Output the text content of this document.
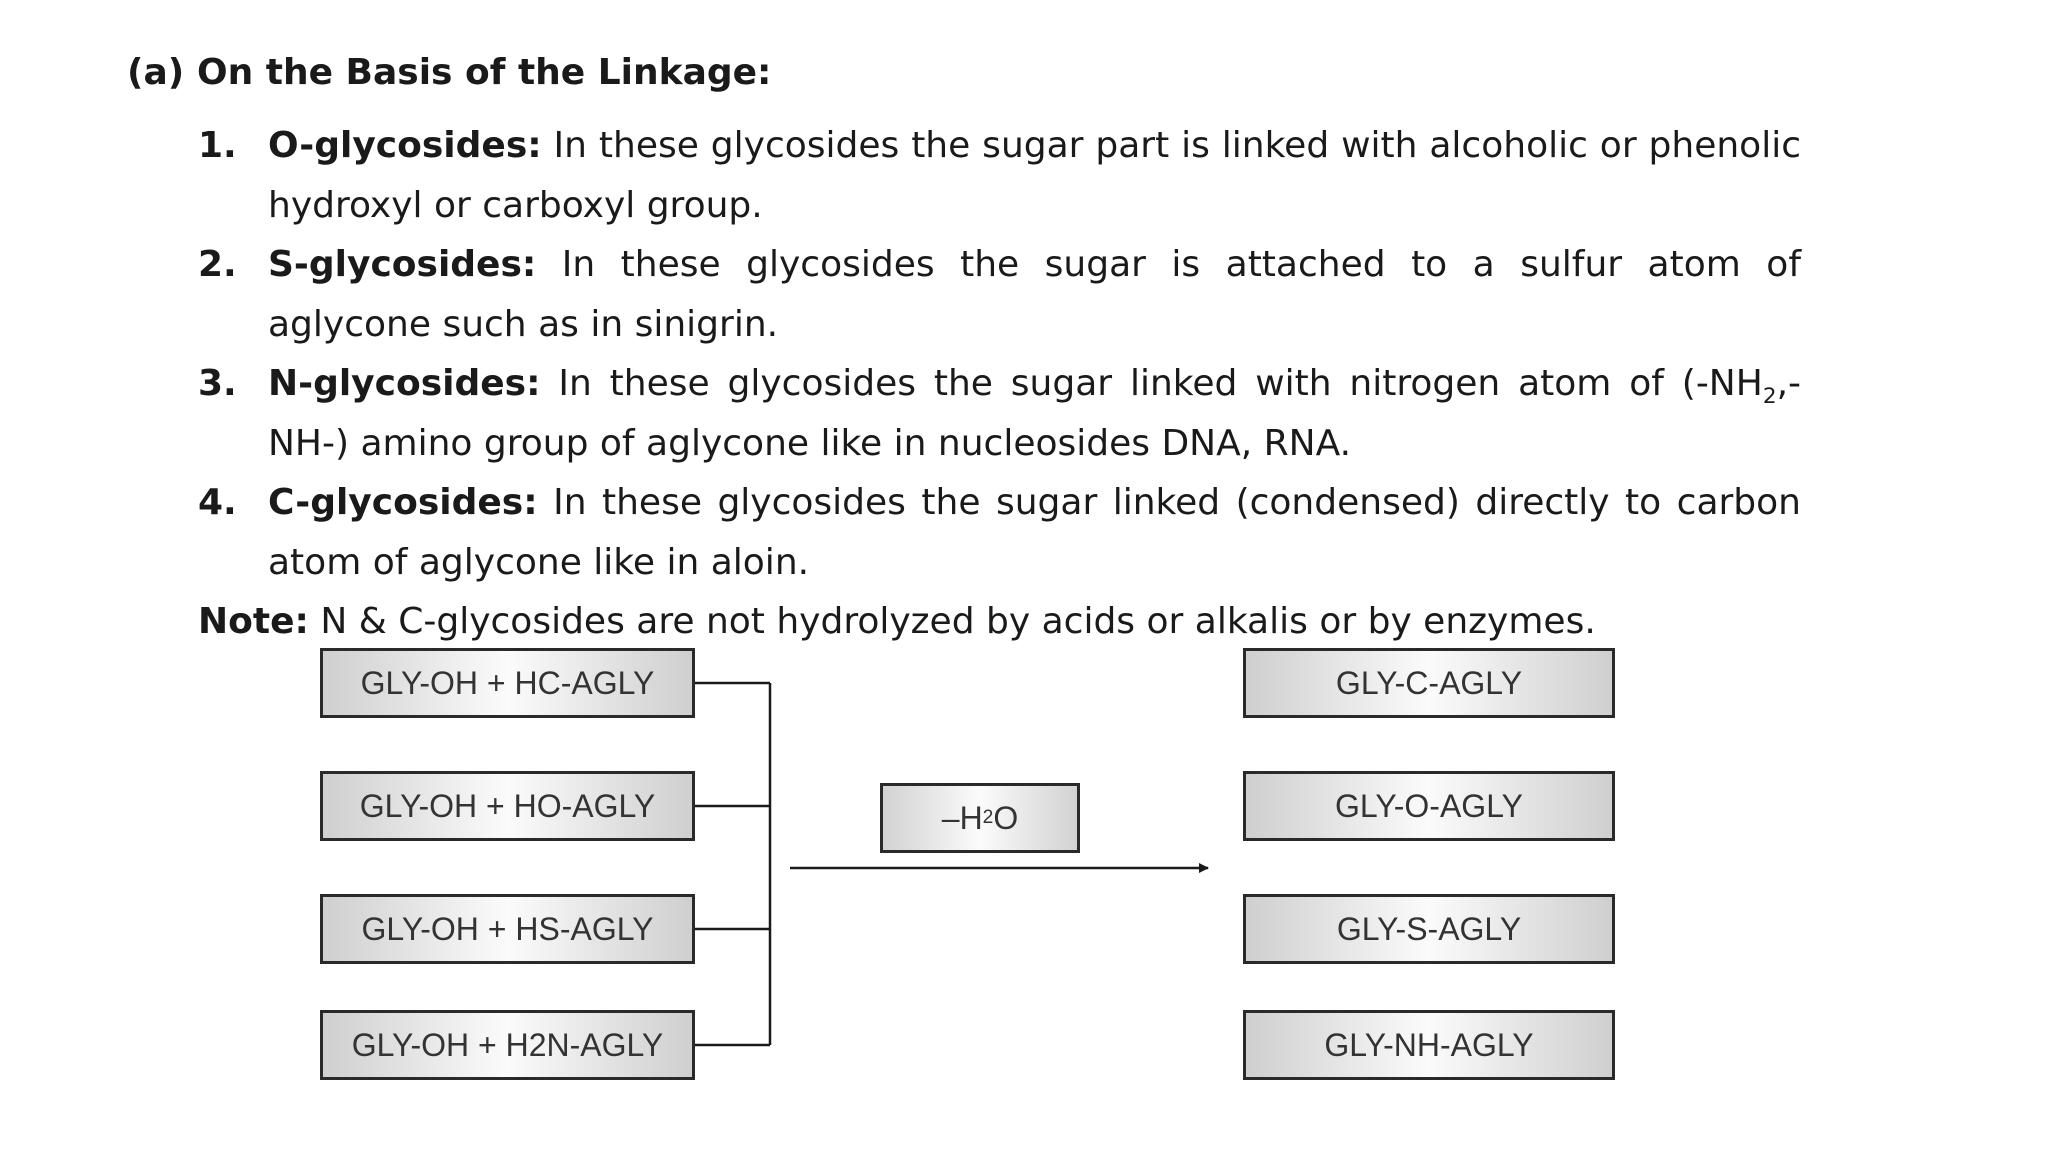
(a) On the Basis of the Linkage:
1. O-glycosides: In these glycosides the sugar part is linked with alcoholic or phenolic hydroxyl or carboxyl group.
2. S-glycosides: In these glycosides the sugar is attached to a sulfur atom of aglycone such as in sinigrin.
3. N-glycosides: In these glycosides the sugar linked with nitrogen atom of $(-NH_2,-NH-)$ amino group of aglycone like in nucleosides DNA, RNA.
4. C-glycosides: In these glycosides the sugar linked (condensed) directly to carbon atom of aglycone like in aloin.
Note: N & C-glycosides are not hydrolyzed by acids or alkalis or by enzymes.
GLY-OH + HC-AGLY
GLY-OH + HO-AGLY
GLY-OH + HS-AGLY
GLY-OH + H2N-AGLY
–H 2 O
GLY-C-AGLY
GLY-O-AGLY
GLY-S-AGLY
GLY-NH-AGLY
